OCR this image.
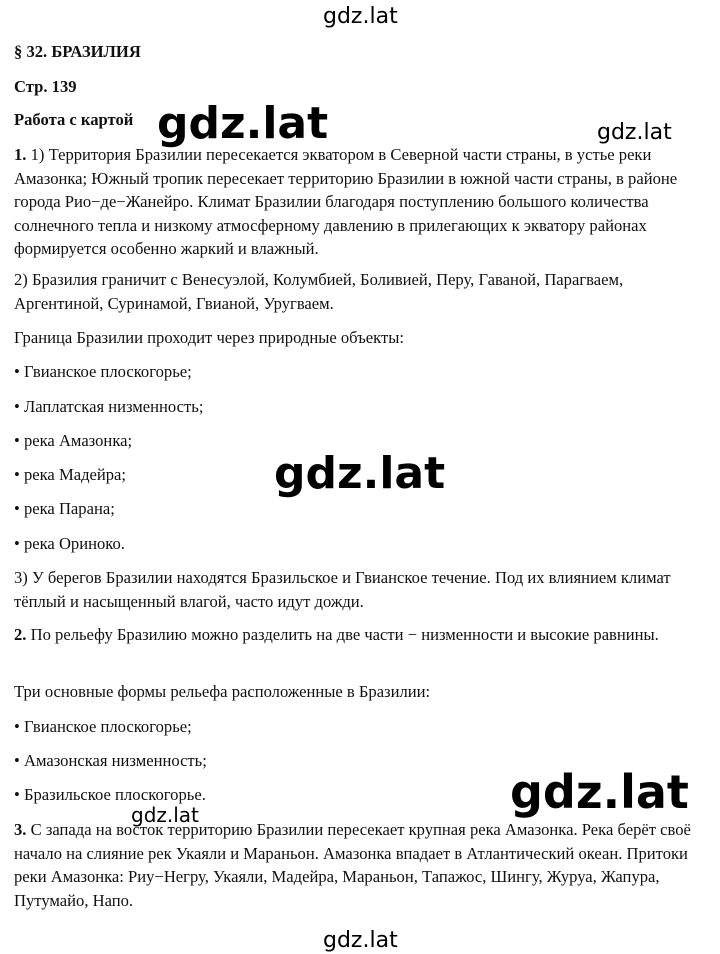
§ 32. БРАЗИЛИЯ

Стр. 139

Работа с картой

1. 1) Территория Бразилии пересекается экватором в Северной части страны, в устье реки Амазонка; Южный тропик пересекает территорию Бразилии в южной части страны, в районе города Рио−де−Жанейро. Климат Бразилии благодаря поступлению большого количества солнечного тепла и низкому атмосферному давлению в прилегающих к экватору районах формируется особенно жаркий и влажный.

2) Бразилия граничит с Венесуэлой, Колумбией, Боливией, Перу, Гаваной, Парагваем, Аргентиной, Суринамой, Гвианой, Уругваем.

Граница Бразилии проходит через природные объекты:

• Гвианское плоскогорье;

• Лаплатская низменность;

• река Амазонка;

• река Мадейра;

• река Парана;

• река Ориноко.

3) У берегов Бразилии находятся Бразильское и Гвианское течение. Под их влиянием климат тёплый и насыщенный влагой, часто идут дожди.

2. По рельефу Бразилию можно разделить на две части − низменности и высокие равнины.

Три основные формы рельефа расположенные в Бразилии:

• Гвианское плоскогорье;

• Амазонская низменность;

• Бразильское плоскогорье.

3. С запада на восток территорию Бразилии пересекает крупная река Амазонка. Река берёт своё начало на слияние рек Укаяли и Мараньон. Амазонка впадает в Атлантический океан. Притоки реки Амазонка: Риу−Негру, Укаяли, Мадейра, Мараньон, Тапажос, Шингу, Журуа, Жапура, Путумайо, Напо.

gdz.lat
gdz.lat	gdz.lat
gdz.lat
gdz.lat
gdz.lat
gdz.lat
